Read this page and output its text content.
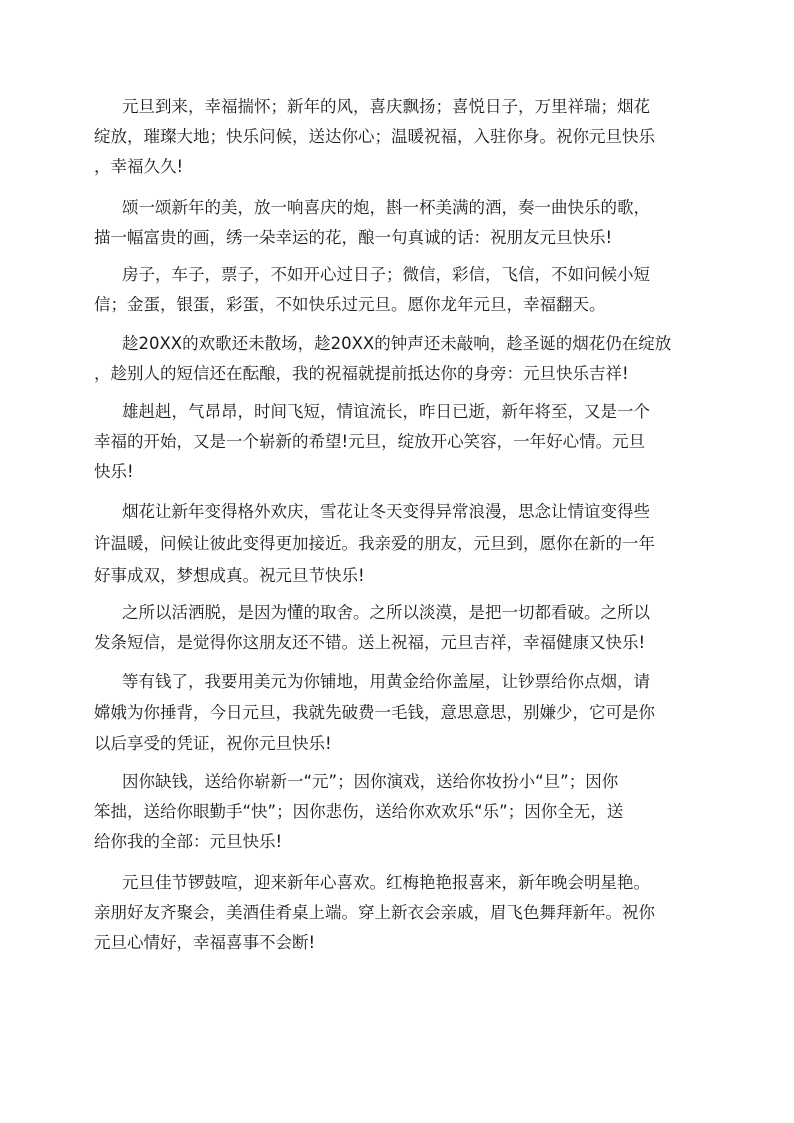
元旦到来，幸福揣怀；新年的风，喜庆飘扬；喜悦日子，万里祥瑞；烟花
绽放，璀璨大地；快乐问候，送达你心；温暖祝福，入驻你身。祝你元旦快乐
，幸福久久!
颂一颂新年的美，放一响喜庆的炮，斟一杯美满的酒，奏一曲快乐的歌，
描一幅富贵的画，绣一朵幸运的花，酿一句真诚的话：祝朋友元旦快乐!
房子，车子，票子，不如开心过日子；微信，彩信，飞信，不如问候小短
信；金蛋，银蛋，彩蛋，不如快乐过元旦。愿你龙年元旦，幸福翻天。
趁20XX的欢歌还未散场，趁20XX的钟声还未敲响，趁圣诞的烟花仍在绽放
，趁别人的短信还在酝酿，我的祝福就提前抵达你的身旁：元旦快乐吉祥!
雄赳赳，气昂昂，时间飞短，情谊流长，昨日已逝，新年将至，又是一个
幸福的开始，又是一个崭新的希望!元旦，绽放开心笑容，一年好心情。元旦
快乐!
烟花让新年变得格外欢庆，雪花让冬天变得异常浪漫，思念让情谊变得些
许温暖，问候让彼此变得更加接近。我亲爱的朋友，元旦到，愿你在新的一年
好事成双，梦想成真。祝元旦节快乐!
之所以活洒脱，是因为懂的取舍。之所以淡漠，是把一切都看破。之所以
发条短信，是觉得你这朋友还不错。送上祝福，元旦吉祥，幸福健康又快乐!
等有钱了，我要用美元为你铺地，用黄金给你盖屋，让钞票给你点烟，请
嫦娥为你捶背，今日元旦，我就先破费一毛钱，意思意思，别嫌少，它可是你
以后享受的凭证，祝你元旦快乐!
因你缺钱，送给你崭新一“元”；因你演戏，送给你妆扮小“旦”；因你
笨拙，送给你眼勤手“快”；因你悲伤，送给你欢欢乐“乐”；因你全无，送
给你我的全部：元旦快乐!
元旦佳节锣鼓喧，迎来新年心喜欢。红梅艳艳报喜来，新年晚会明星艳。
亲朋好友齐聚会，美酒佳肴桌上端。穿上新衣会亲戚，眉飞色舞拜新年。祝你
元旦心情好，幸福喜事不会断!
